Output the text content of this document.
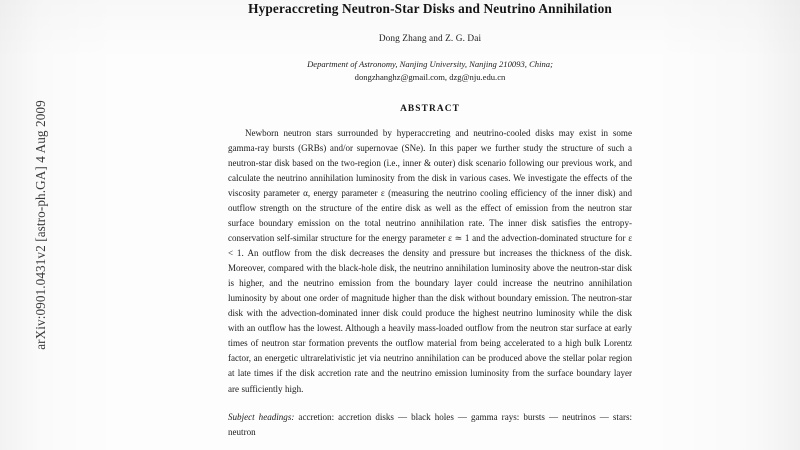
arXiv:0901.0431v2 [astro-ph.GA] 4 Aug 2009
Hyperaccreting Neutron-Star Disks and Neutrino Annihilation

Dong Zhang and Z. G. Dai

Department of Astronomy, Nanjing University, Nanjing 210093, China;
dongzhanghz@gmail.com, dzg@nju.edu.cn

ABSTRACT

Newborn neutron stars surrounded by hyperaccreting and neutrino-cooled disks may exist in some gamma-ray bursts (GRBs) and/or supernovae (SNe). In this paper we further study the structure of such a neutron-star disk based on the two-region (i.e., inner & outer) disk scenario following our previous work, and calculate the neutrino annihilation luminosity from the disk in various cases. We investigate the effects of the viscosity parameter α, energy parameter ε (measuring the neutrino cooling efficiency of the inner disk) and outflow strength on the structure of the entire disk as well as the effect of emission from the neutron star surface boundary emission on the total neutrino annihilation rate. The inner disk satisfies the entropy-conservation self-similar structure for the energy parameter ε ≃ 1 and the advection-dominated structure for ε < 1. An outflow from the disk decreases the density and pressure but increases the thickness of the disk. Moreover, compared with the black-hole disk, the neutrino annihilation luminosity above the neutron-star disk is higher, and the neutrino emission from the boundary layer could increase the neutrino annihilation luminosity by about one order of magnitude higher than the disk without boundary emission. The neutron-star disk with the advection-dominated inner disk could produce the highest neutrino luminosity while the disk with an outflow has the lowest. Although a heavily mass-loaded outflow from the neutron star surface at early times of neutron star formation prevents the outflow material from being accelerated to a high bulk Lorentz factor, an energetic ultrarelativistic jet via neutrino annihilation can be produced above the stellar polar region at late times if the disk accretion rate and the neutrino emission luminosity from the surface boundary layer are sufficiently high.

Subject headings: accretion: accretion disks — black holes — gamma rays: bursts — neutrinos — stars: neutron
